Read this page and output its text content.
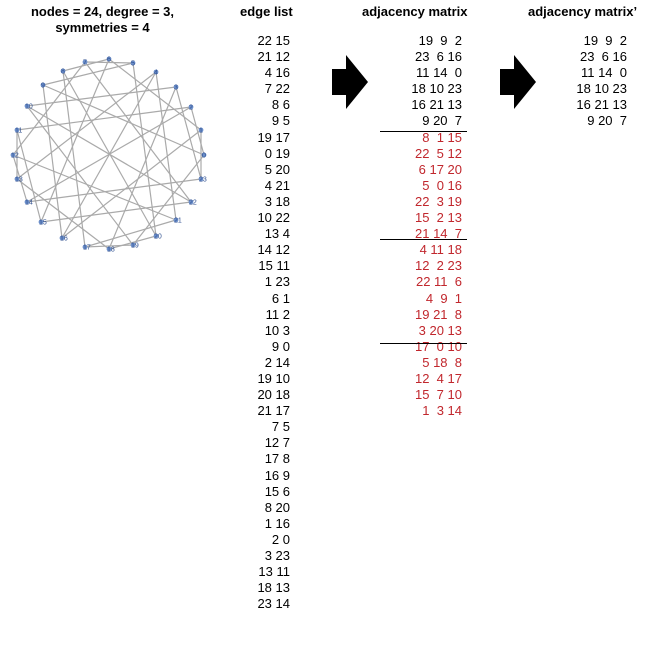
nodes = 24, degree = 3,
symmetries = 4
edge list	adjacency matrix	adjacency matrix’
0
1
2
3
4
5
6
7
8
9
10
11
12
13
14
15
16
17 18
19
20
21
22
23
22 15
21 12
4 16
7 22
8 6
9 5
19 17
0 19
5 20
4 21
3 18
10 22
13 4
14 12
15 11
1 23
6 1
11 2
10 3
9 0
2 14
19 10
20 18
21 17
7 5
12 7
17 8
16 9
15 6
8 20
1 16
2 0
3 23
13 11
18 13
23 14
19  9  2
23  6 16
11 14  0
18 10 23
16 21 13
9 20  7
8  1 15
22  5 12
6 17 20
5  0 16
22  3 19
15  2 13
21 14  7
4 11 18
12  2 23
22 11  6
4  9  1
19 21  8
3 20 13
17  0 10
5 18  8
12  4 17
15  7 10
1  3 14
19  9  2
23  6 16
11 14  0
18 10 23
16 21 13
9 20  7
